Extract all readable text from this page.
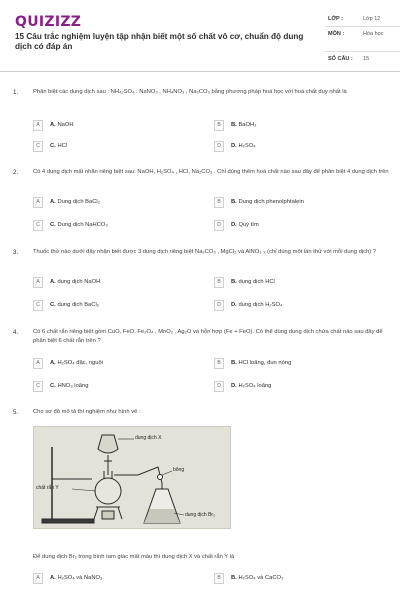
QUIZIZZ
15 Câu trắc nghiệm luyện tập nhận biết một số chất vô cơ, chuẩn độ dung dịch có đáp án
LỚP :	Lớp 12
MÔN :	Hóa học
SỐ CÂU : 15
1.	Phân biệt các dung dịch sau : NH₄₂SO₄ . NaNO₃ , NH₄NO₃ , Na₂CO₃ bằng phương pháp hoá học với hoá chất duy nhất là
A	A. NaOH	B	B. BaOH₂
C	C. HCl	D	D. H₂SO₄
2.	Có 4 dung dịch mất nhãn riêng biệt sau: NaOH, H₂SO₄ , HCl, Na₂CO₃ . Chỉ dùng thêm hoá chất nào sau đây để phân biệt 4 dung dịch trên
A	A. Dung dịch BaCl₂	B	B. Dung dịch phenolphtalein
C	C. Dung dịch NaHCO₃	D	D. Quỳ tím
3.	Thuốc thử nào dưới đây nhận biết được 3 dung dịch riêng biệt Na₂CO₃ , MgCl₂ và AlNO₃ ₃ (chỉ dùng một lần thử với mỗi dung dịch) ?
A	A. dung dịch NaOH	B	B. dung dịch HCl
C	C. dung dịch BaCl₂	D	D. dung dịch H₂SO₄
4.	Có 6 chất rắn riêng biệt gồm CuO, FeO, Fe₃O₄ , MnO₂ , Ag₂O và hỗn hợp (Fe + FeO). Có thể dùng dung dịch chứa chất nào sau đây để phân biệt 6 chất rắn trên ?
A	A. H₂SO₄ đặc, nguội	B	B. HCl loãng, đun nóng
C	C. HNO₃ loãng	D	D. H₂SO₄ loãng
5.	Cho sơ đồ mô tả thí nghiệm như hình vẽ :
dung dịch X
chất rắn Y
bông
dung dịch Br₂
Để dung dịch Br₂ trong bình tam giác mất màu thì dung dịch X và chất rắn Y là
A	A. H₂SO₄ và NaNO₃	B	B. H₂SO₄ và CaCO₃
